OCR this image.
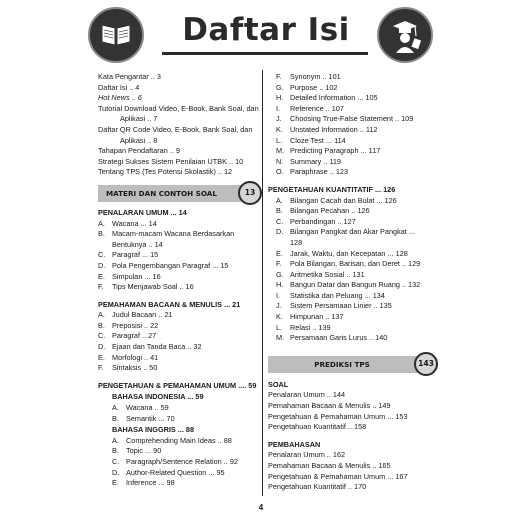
Daftar Isi
Kata Pengantar .. 3
Daftar Isi .. 4
Hot News .. 6
Tutorial Download Video, E-Book, Bank Soal, dan
Aplikasi .. 7
Daftar QR Code Video, E-Book, Bank Soal, dan
Aplikasi .. 8
Tahapan Pendaftaran .. 9
Strategi Sukses Sistem Penilaian UTBK .. 10
Tentang TPS (Tes Potensi Skolastik) .. 12
MATERI DAN CONTOH SOAL	13
PENALARAN UMUM ... 14
A. Wacana ... 14
B. Macam-macam Wacana Berdasarkan
Bentuknya .. 14
C. Paragraf ... 15
D. Pola Pengembangan Paragraf ... 15
E. Simpulan ... 16
F.	Tips Menjawab Soal .. 16
PEMAHAMAN BACAAN & MENULIS ... 21
A. Judul Bacaan .. 21
B. Preposisi .. 22
C. Paragraf .. 27
D. Ejaan dan Tanda Baca .. 32
E. Morfologi .. 41
F.	Sintaksis .. 50
PENGETAHUAN & PEMAHAMAN UMUM .... 59
BAHASA INDONESIA ... 59
A. Wacana .. 59
B. Semantik ... 70
BAHASA INGGRIS ... 88
A. Comprehending Main Ideas .. 88
B. Topic ... 90
C. Paragraph/Sentence Relation .. 92
D. Author-Related Question ... 95
E. Inference ... 98
F.	Synonym .. 101
G. Purpose .. 102
H. Detailed Information ... 105
I.	Reference .. 107
J.	Choosing True-False Statement .. 109
K. Unstated Information .. 112
L.	Cloze Test ... 114
M. Predicting Paragraph ... 117
N. Summary .. 119
O. Paraphrase .. 123
PENGETAHUAN KUANTITATIF ... 126
A. Bilangan Cacah dan Bulat ... 126
B. Bilangan Pecahan .. 126
C. Perbandingan .. 127
D. Bilangan Pangkat dan Akar Pangkat ...
128
E. Jarak, Waktu, dan Kecepatan ... 128
F.	Pola Bilangan, Barisan, dan Deret .. 129
G. Aritmetika Sosial .. 131
H. Bangun Datar dan Bangun Ruang .. 132
I.	Statistika dan Peluang ... 134
J.	Sistem Persamaan Linier .. 135
K. Himpunan .. 137
L.	Relasi .. 139
M. Persamaan Garis Lurus .. 140
PREDIKSI TPS	143
SOAL
Penalaran Umum .. 144
Pemahaman Bacaan & Menulis .. 149
Pengetahuan & Pemahaman Umum ... 153
Pengetahuan Kuantitatif .. 158
PEMBAHASAN
Penalaran Umum .. 162
Pemahaman Bacaan & Menulis .. 165
Pengetahuan & Pemahaman Umum ... 167
Pengetahuan Kuantitatif .. 170
4
